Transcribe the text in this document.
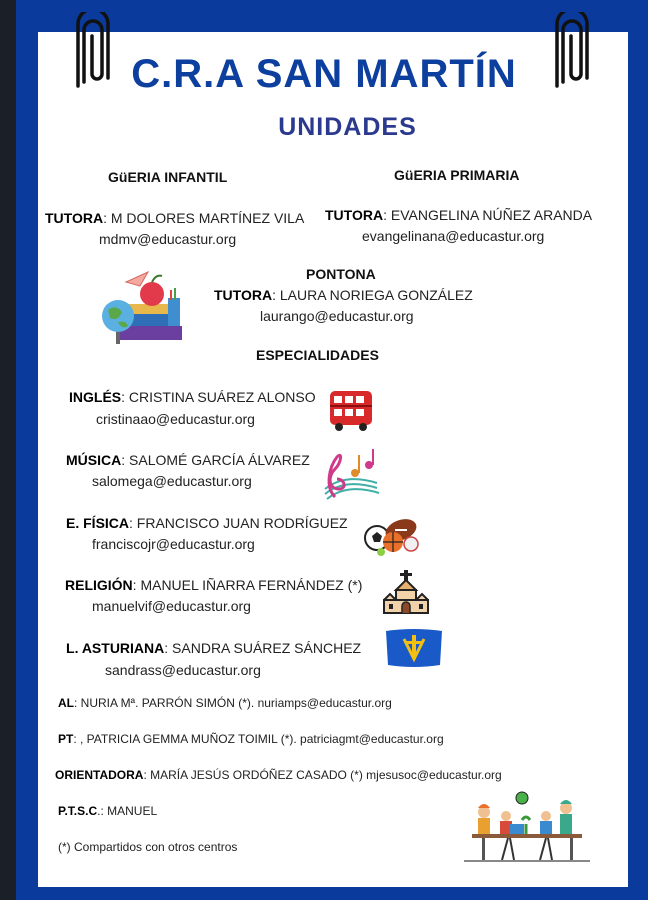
C.R.A SAN MARTÍN
UNIDADES
GüERIA INFANTIL
TUTORA: M DOLORES MARTÍNEZ VILA
mdmv@educastur.org
GüERIA PRIMARIA
TUTORA: EVANGELINA NÚÑEZ ARANDA
evangelinana@educastur.org
PONTONA
TUTORA: LAURA NORIEGA GONZÁLEZ
laurango@educastur.org
ESPECIALIDADES
INGLÉS: CRISTINA SUÁREZ ALONSO
cristinaao@educastur.org
MÚSICA: SALOMÉ GARCÍA ÁLVAREZ
salomega@educastur.org
E. FÍSICA: FRANCISCO JUAN RODRÍGUEZ
franciscojr@educastur.org
RELIGIÓN: MANUEL IÑARRA FERNÁNDEZ (*)
manuelvif@educastur.org
L. ASTURIANA: SANDRA SUÁREZ SÁNCHEZ
sandrass@educastur.org
AL: NURIA Mª. PARRÓN SIMÓN (*). nuriamps@educastur.org
PT: , PATRICIA GEMMA MUÑOZ TOIMIL (*). patriciagmt@educastur.org
ORIENTADORA: MARÍA JESÚS ORDÓÑEZ CASADO (*) mjesusoc@educastur.org
P.T.S.C.: MANUEL
(*) Compartidos con otros centros
